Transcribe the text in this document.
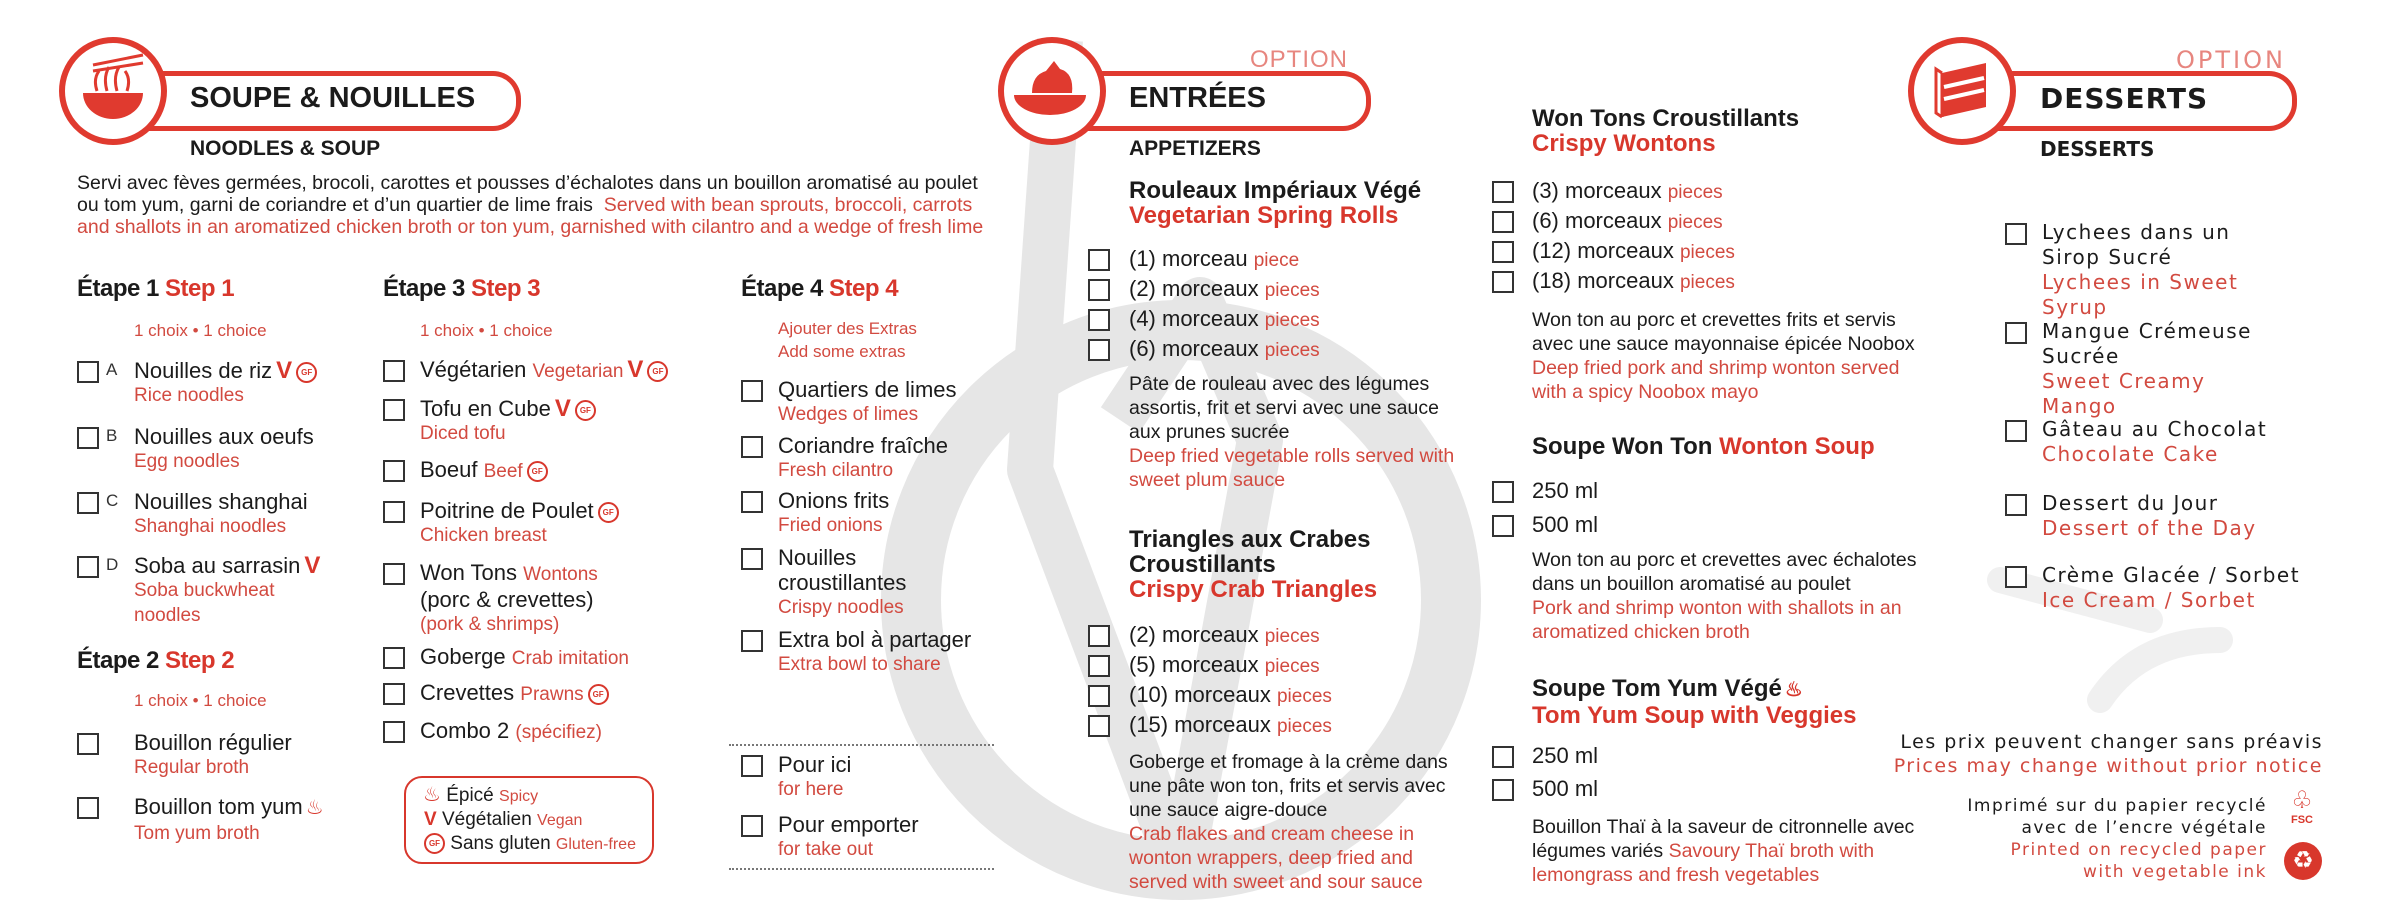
SOUPE & NOUILLES
NOODLES & SOUP
Servi avec fèves germées, brocoli, carottes et pousses d’échalotes dans un bouillon aromatisé au poulet ou tom yum, garni de coriandre et d’un quartier de lime frais Served with bean sprouts, broccoli, carrots and shallots in an aromatized chicken broth or ton yum, garnished with cilantro and a wedge of fresh lime
Étape 1 Step 1
1 choix • 1 choice
A Nouilles de riz V GF
Rice noodles
B Nouilles aux oeufs
Egg noodles
C Nouilles shanghai
Shanghai noodles
D Soba au sarrasin V
Soba buckwheat noodles
Étape 2 Step 2
1 choix • 1 choice
Bouillon régulier
Regular broth
Bouillon tom yum ♨
Tom yum broth
Étape 3 Step 3
1 choix • 1 choice
Végétarien Vegetarian V GF
Tofu en Cube V GF
Diced tofu
Boeuf Beef GF
Poitrine de Poulet GF
Chicken breast
Won Tons Wontons
(porc & crevettes)
(pork & shrimps)
Goberge Crab imitation
Crevettes Prawns GF
Combo 2 (spécifiez)
♨ Épicé Spicy
V Végétalien Vegan
GF Sans gluten Gluten-free
Étape 4 Step 4
Ajouter des Extras
Add some extras
Quartiers de limes
Wedges of limes
Coriandre fraîche
Fresh cilantro
Onions frits
Fried onions
Nouilles croustillantes
Crispy noodles
Extra bol à partager
Extra bowl to share
Pour ici
for here
Pour emporter
for take out
OPTION
ENTRÉES
APPETIZERS
Rouleaux Impériaux Végé
Vegetarian Spring Rolls
(1) morceau piece
(2) morceaux pieces
(4) morceaux pieces
(6) morceaux pieces
Pâte de rouleau avec des légumes assortis, frit et servi avec une sauce aux prunes sucrée
Deep fried vegetable rolls served with sweet plum sauce
Triangles aux Crabes Croustillants
Crispy Crab Triangles
(2) morceaux pieces
(5) morceaux pieces
(10) morceaux pieces
(15) morceaux pieces
Goberge et fromage à la crème dans une pâte won ton, frits et servis avec une sauce aigre-douce
Crab flakes and cream cheese in wonton wrappers, deep fried and served with sweet and sour sauce
Won Tons Croustillants
Crispy Wontons
(3) morceaux pieces
(6) morceaux pieces
(12) morceaux pieces
(18) morceaux pieces
Won ton au porc et crevettes frits et servis avec une sauce mayonnaise épicée Noobox
Deep fried pork and shrimp wonton served with a spicy Noobox mayo
Soupe Won Ton Wonton Soup
250 ml
500 ml
Won ton au porc et crevettes avec échalotes dans un bouillon aromatisé au poulet
Pork and shrimp wonton with shallots in an aromatized chicken broth
Soupe Tom Yum Végé ♨
Tom Yum Soup with Veggies
250 ml
500 ml
Bouillon Thaï à la saveur de citronnelle avec légumes variés Savoury Thaï broth with lemongrass and fresh vegetables
OPTION
DESSERTS
DESSERTS
Lychees dans un Sirop Sucré
Lychees in Sweet Syrup
Mangue Crémeuse Sucrée
Sweet Creamy Mango
Gâteau au Chocolat
Chocolate Cake
Dessert du Jour
Dessert of the Day
Crème Glacée / Sorbet
Ice Cream / Sorbet
Les prix peuvent changer sans préavis
Prices may change without prior notice
Imprimé sur du papier recyclé
avec de l’encre végétale
Printed on recycled paper
with vegetable ink
♧
FSC
♻
